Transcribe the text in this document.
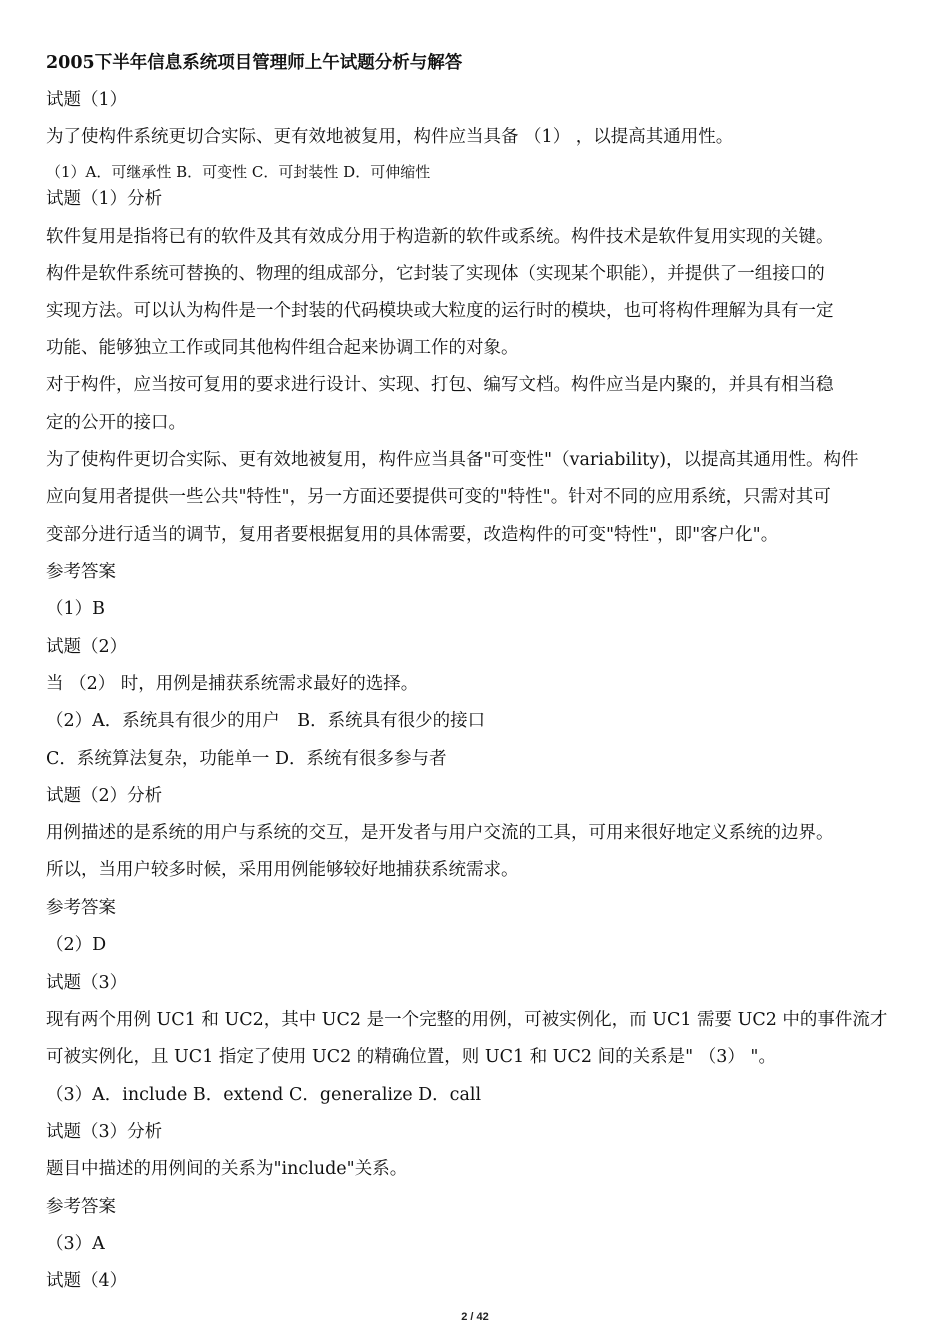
2005下半年信息系统项目管理师上午试题分析与解答
试题（1）
为了使构件系统更切合实际、更有效地被复用，构件应当具备 （1） ，以提高其通用性。
（1）A．可继承性 B．可变性 C．可封装性 D．可伸缩性
试题（1）分析
软件复用是指将已有的软件及其有效成分用于构造新的软件或系统。构件技术是软件复用实现的关键。
构件是软件系统可替换的、物理的组成部分，它封装了实现体（实现某个职能），并提供了一组接口的
实现方法。可以认为构件是一个封装的代码模块或大粒度的运行时的模块，也可将构件理解为具有一定
功能、能够独立工作或同其他构件组合起来协调工作的对象。
对于构件，应当按可复用的要求进行设计、实现、打包、编写文档。构件应当是内聚的，并具有相当稳
定的公开的接口。
为了使构件更切合实际、更有效地被复用，构件应当具备"可变性"（variability)，以提高其通用性。构件
应向复用者提供一些公共"特性"，另一方面还要提供可变的"特性"。针对不同的应用系统，只需对其可
变部分进行适当的调节，复用者要根据复用的具体需要，改造构件的可变"特性"，即"客户化"。
参考答案
（1）B
试题（2）
当 （2） 时，用例是捕获系统需求最好的选择。
（2）A．系统具有很少的用户　B．系统具有很少的接口
C．系统算法复杂，功能单一 D．系统有很多参与者
试题（2）分析
用例描述的是系统的用户与系统的交互，是开发者与用户交流的工具，可用来很好地定义系统的边界。
所以，当用户较多时候，采用用例能够较好地捕获系统需求。
参考答案
（2）D
试题（3）
现有两个用例 UC1 和 UC2，其中 UC2 是一个完整的用例，可被实例化，而 UC1 需要 UC2 中的事件流才
可被实例化，且 UC1 指定了使用 UC2 的精确位置，则 UC1 和 UC2 间的关系是" （3） "。
（3）A．include B．extend C．generalize D．call
试题（3）分析
题目中描述的用例间的关系为"include"关系。
参考答案
（3）A
试题（4）
2 / 42
